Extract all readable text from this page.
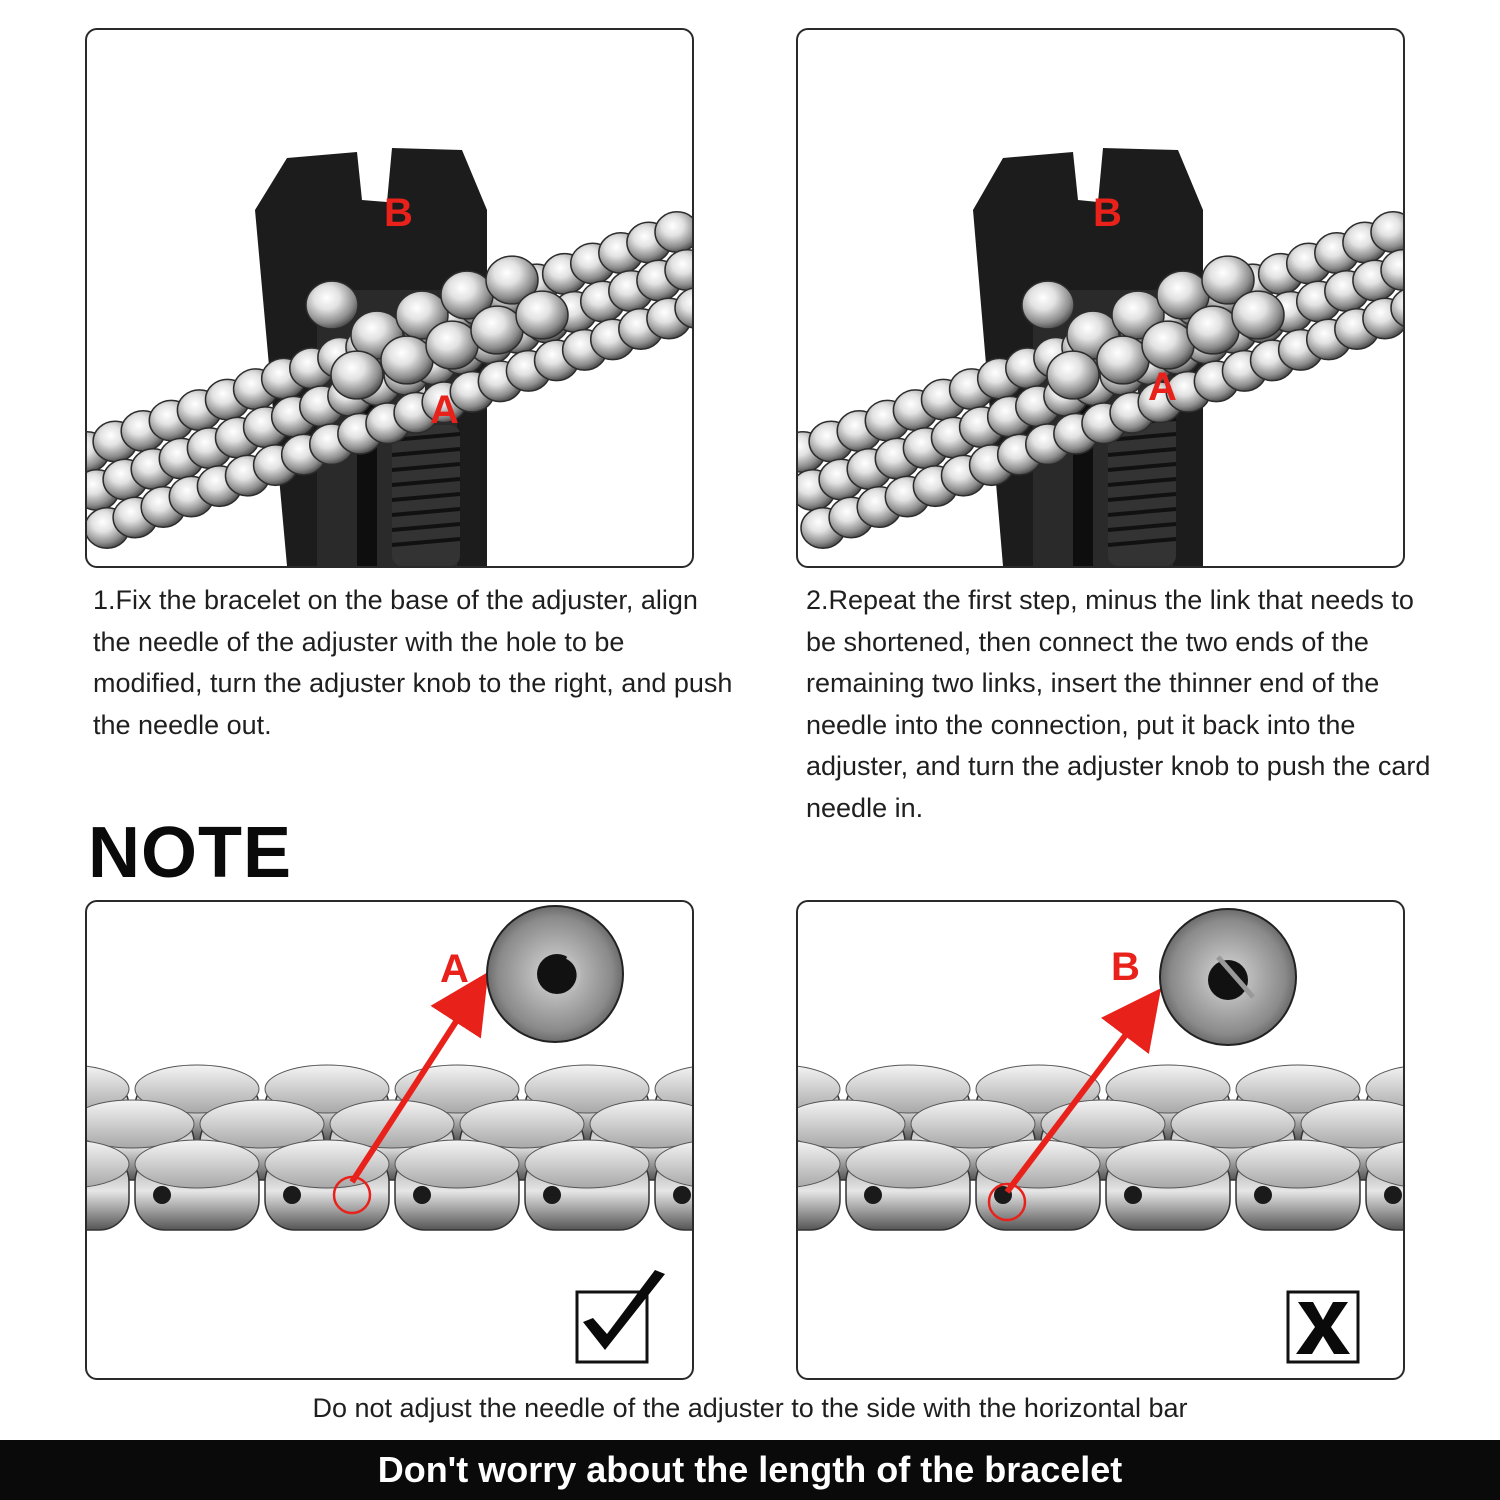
B
A
B
A
1.Fix the bracelet on the base of the adjuster, align the needle of the adjuster with the hole to be modified, turn the adjuster knob to the right, and push the needle out.
2.Repeat the first step, minus the link that needs to be shortened, then connect the two ends of the remaining two links, insert the thinner end of the needle into the connection, put it back into the adjuster, and turn the adjuster knob to push the card needle in.
NOTE
A	B
Do not adjust the needle of the adjuster to the side with the horizontal bar
Don't worry about the length of the bracelet
